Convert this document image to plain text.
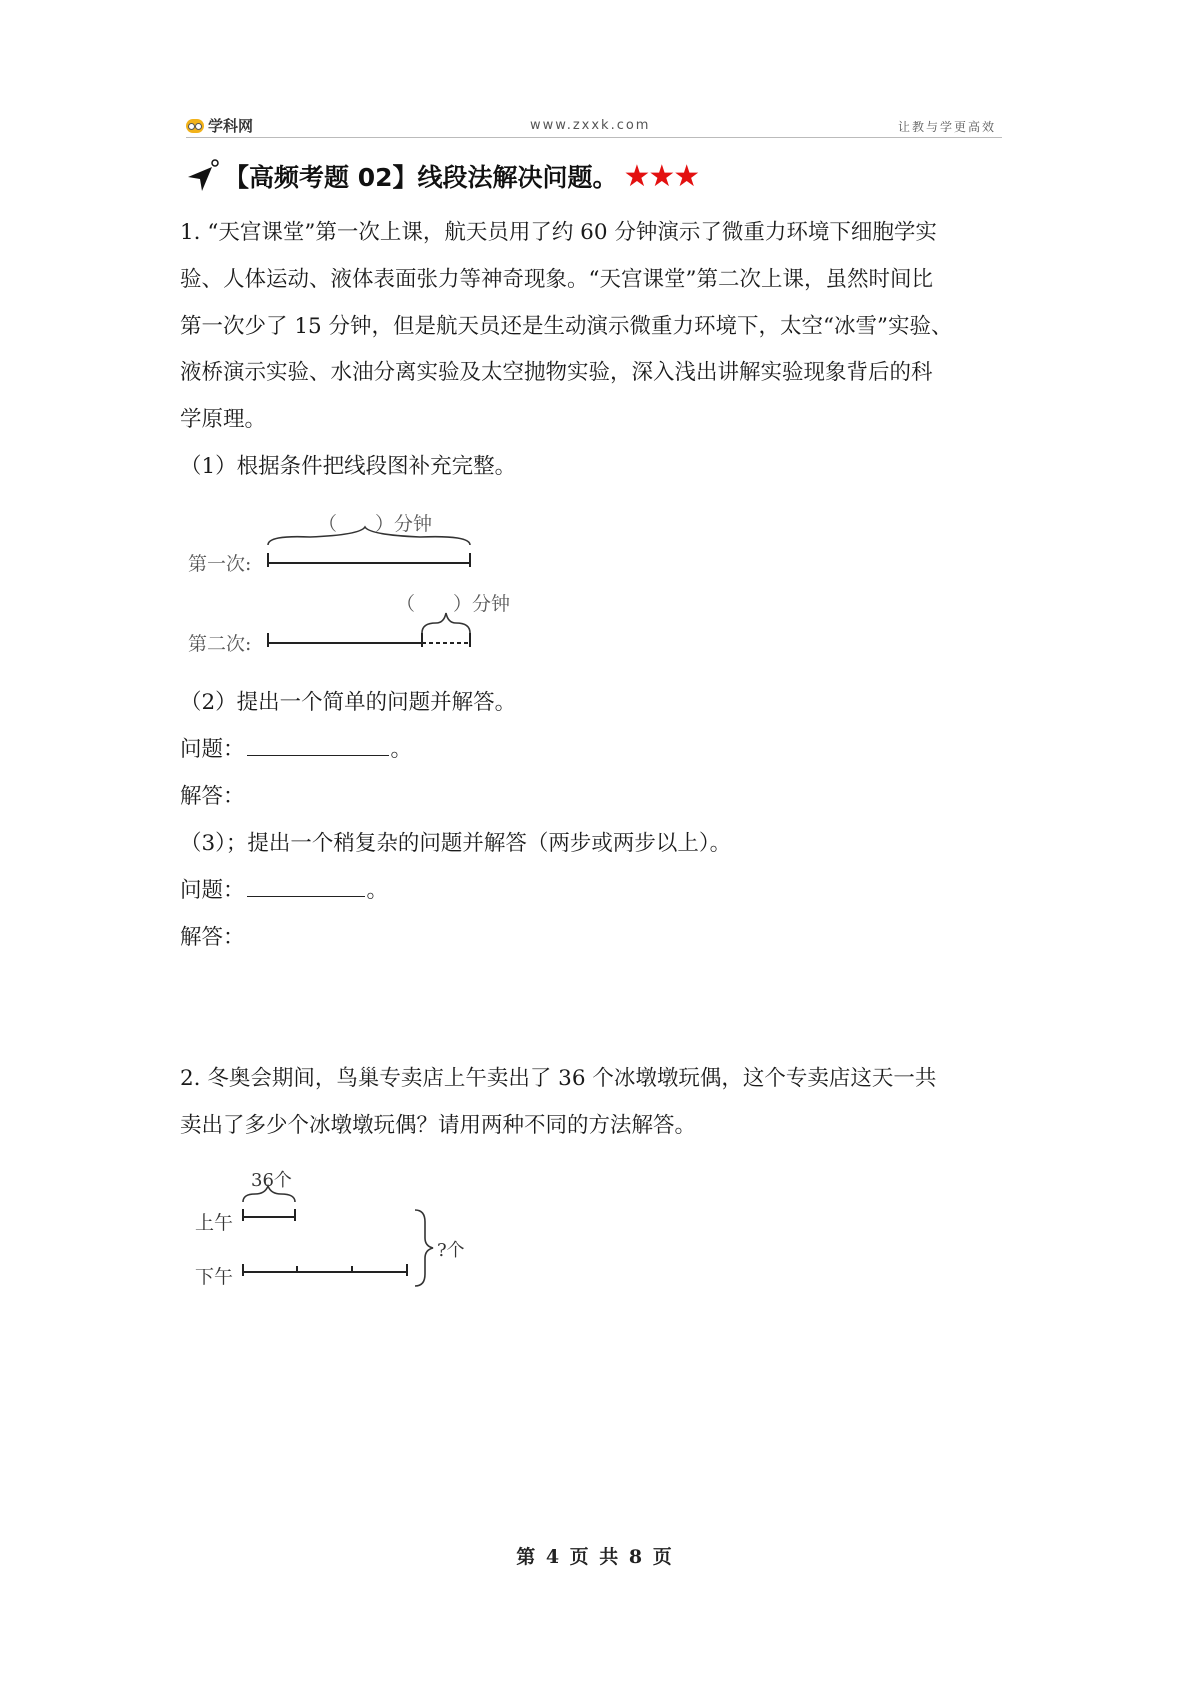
学科网	www.zxxk.com	让教与学更高效
【高频考题 02】线段法解决问题。 ★★★
1. “天宫课堂”第一次上课，航天员用了约 60 分钟演示了微重力环境下细胞学实
验、人体运动、液体表面张力等神奇现象。“天宫课堂”第二次上课，虽然时间比
第一次少了 15 分钟，但是航天员还是生动演示微重力环境下，太空“冰雪”实验、
液桥演示实验、水油分离实验及太空抛物实验，深入浅出讲解实验现象背后的科
学原理。
（1）根据条件把线段图补充完整。
（　　）分钟
第一次:
（　　）分钟
第二次:
（2）提出一个简单的问题并解答。
问题：	。
解答：
（3）；提出一个稍复杂的问题并解答（两步或两步以上）。
问题：	。
解答：
2. 冬奥会期间，鸟巢专卖店上午卖出了 36 个冰墩墩玩偶，这个专卖店这天一共
卖出了多少个冰墩墩玩偶？请用两种不同的方法解答。
36个
上午
下午
?个
第 4 页 共 8 页
